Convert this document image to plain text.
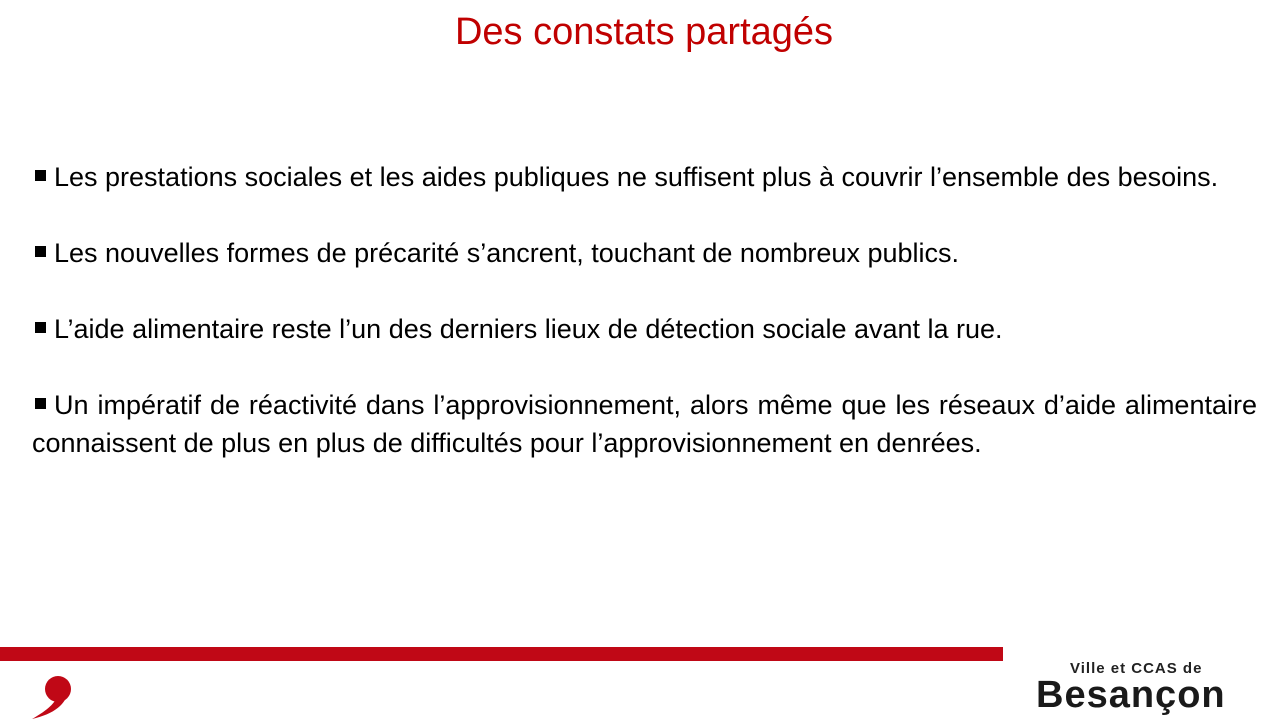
Des constats partagés

Les prestations sociales et les aides publiques ne suffisent plus à couvrir l’ensemble des besoins.

Les nouvelles formes de précarité s’ancrent, touchant de nombreux publics.

L’aide alimentaire reste l’un des derniers lieux de détection sociale avant la rue.

Un impératif de réactivité dans l’approvisionnement, alors même que les réseaux d’aide alimentaire connaissent de plus en plus de difficultés pour l’approvisionnement en denrées.

Ville et CCAS de
Besançon
